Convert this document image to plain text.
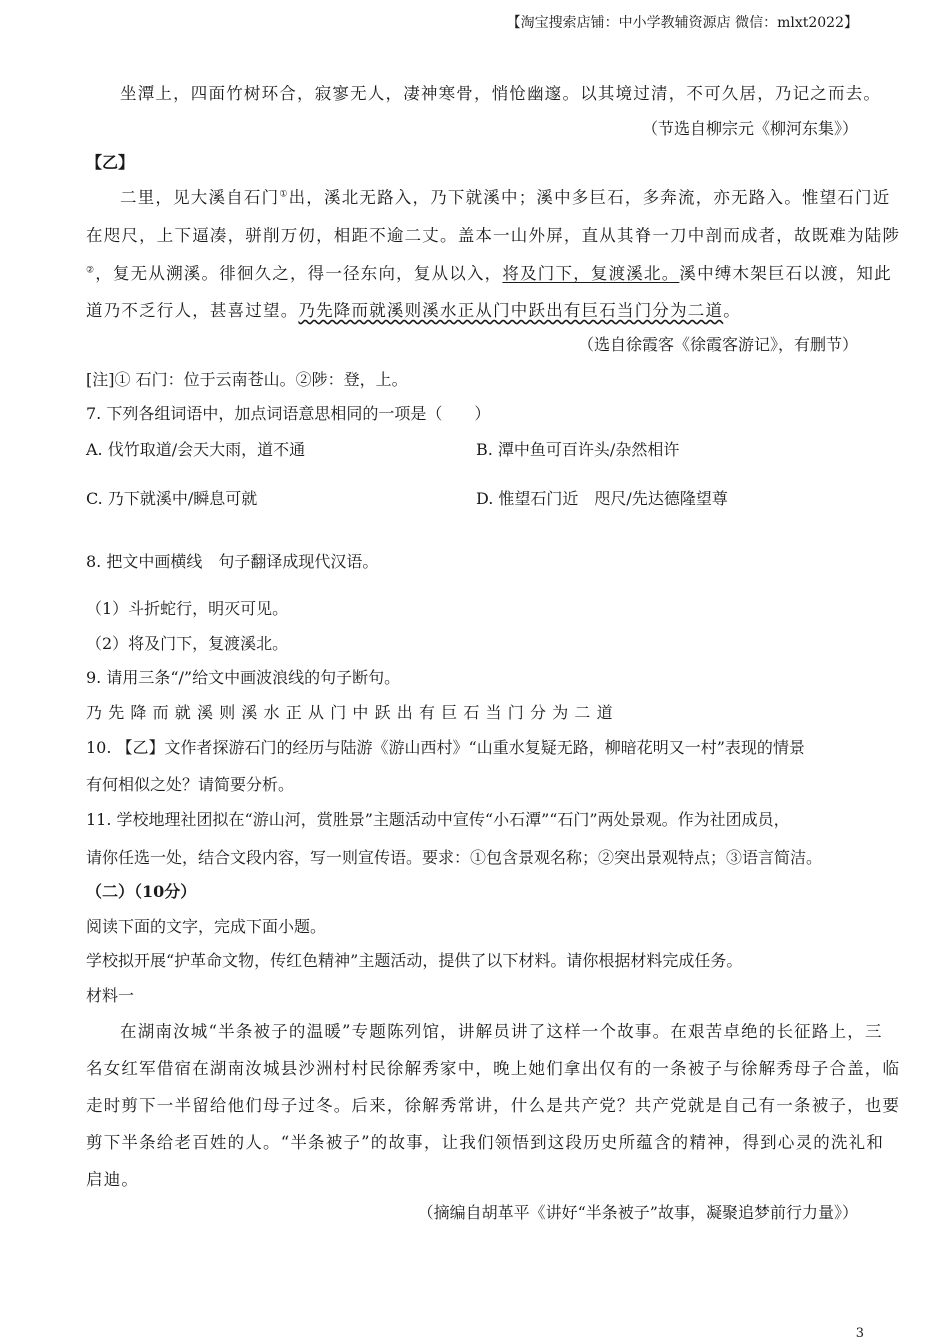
【淘宝搜索店铺：中小学教辅资源店 微信：mlxt2022】
坐潭上，四面竹树环合，寂寥无人，凄神寒骨，悄怆幽邃。以其境过清，不可久居，乃记之而去。
（节选自柳宗元《柳河东集》）
【乙】
二里，见大溪自石门①出，溪北无路入，乃下就溪中；溪中多巨石，多奔流，亦无路入。惟望石门近
在咫尺，上下逼凑，骈削万仞，相距不逾二丈。盖本一山外屏，直从其脊一刀中剖而成者，故既难为陆陟
②，复无从溯溪。徘徊久之，得一径东向，复从以入，将及门下，复渡溪北。溪中缚木架巨石以渡，知此
道乃不乏行人，甚喜过望。乃先降而就溪则溪水正从门中跃出有巨石当门分为二道。
（选自徐霞客《徐霞客游记》，有删节）
[注]① 石门：位于云南苍山。②陟：登，上。
7. 下列各组词语中，加点词语意思相同的一项是（　　）
A. 伐竹取道/会天大雨，道不通	B. 潭中鱼可百许头/杂然相许
C. 乃下就溪中/瞬息可就	D. 惟望石门近　咫尺/先达德隆望尊
8. 把文中画横线　句子翻译成现代汉语。
（1）斗折蛇行，明灭可见。
（2）将及门下，复渡溪北。
9. 请用三条“/”给文中画波浪线的句子断句。
乃先降而就溪则溪水正从门中跃出有巨石当门分为二道
10. 【乙】文作者探游石门的经历与陆游《游山西村》“山重水复疑无路，柳暗花明又一村”表现的情景
有何相似之处？请简要分析。
11. 学校地理社团拟在“游山河，赏胜景”主题活动中宣传“小石潭”“石门”两处景观。作为社团成员，
请你任选一处，结合文段内容，写一则宣传语。要求：①包含景观名称；②突出景观特点；③语言简洁。
（二）（10分）
阅读下面的文字，完成下面小题。
学校拟开展“护革命文物，传红色精神”主题活动，提供了以下材料。请你根据材料完成任务。
材料一
在湖南汝城“半条被子的温暖”专题陈列馆，讲解员讲了这样一个故事。在艰苦卓绝的长征路上，三
名女红军借宿在湖南汝城县沙洲村村民徐解秀家中，晚上她们拿出仅有的一条被子与徐解秀母子合盖，临
走时剪下一半留给他们母子过冬。后来，徐解秀常讲，什么是共产党？共产党就是自己有一条被子，也要
剪下半条给老百姓的人。“半条被子”的故事，让我们领悟到这段历史所蕴含的精神，得到心灵的洗礼和
启迪。
（摘编自胡革平《讲好“半条被子”故事，凝聚追梦前行力量》）
3
